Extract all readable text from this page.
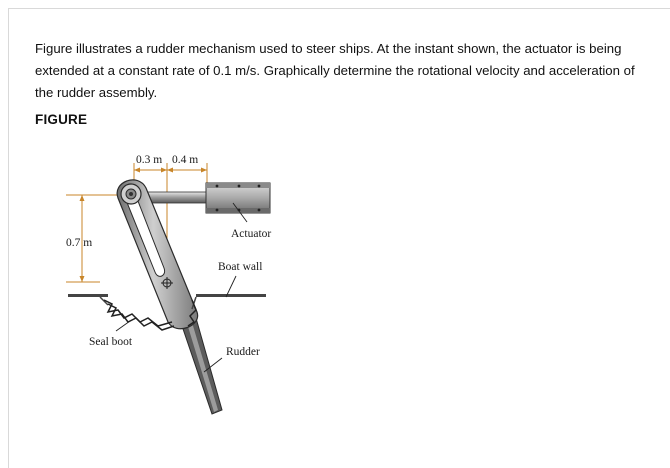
Figure illustrates a rudder mechanism used to steer ships. At the instant shown, the actuator is being extended at a constant rate of 0.1 m/s. Graphically determine the rotational velocity and acceleration of the rudder assembly.
FIGURE
0.3 m 0.4 m
0.7 m
Actuator
Boat wall
Seal boot
Rudder
